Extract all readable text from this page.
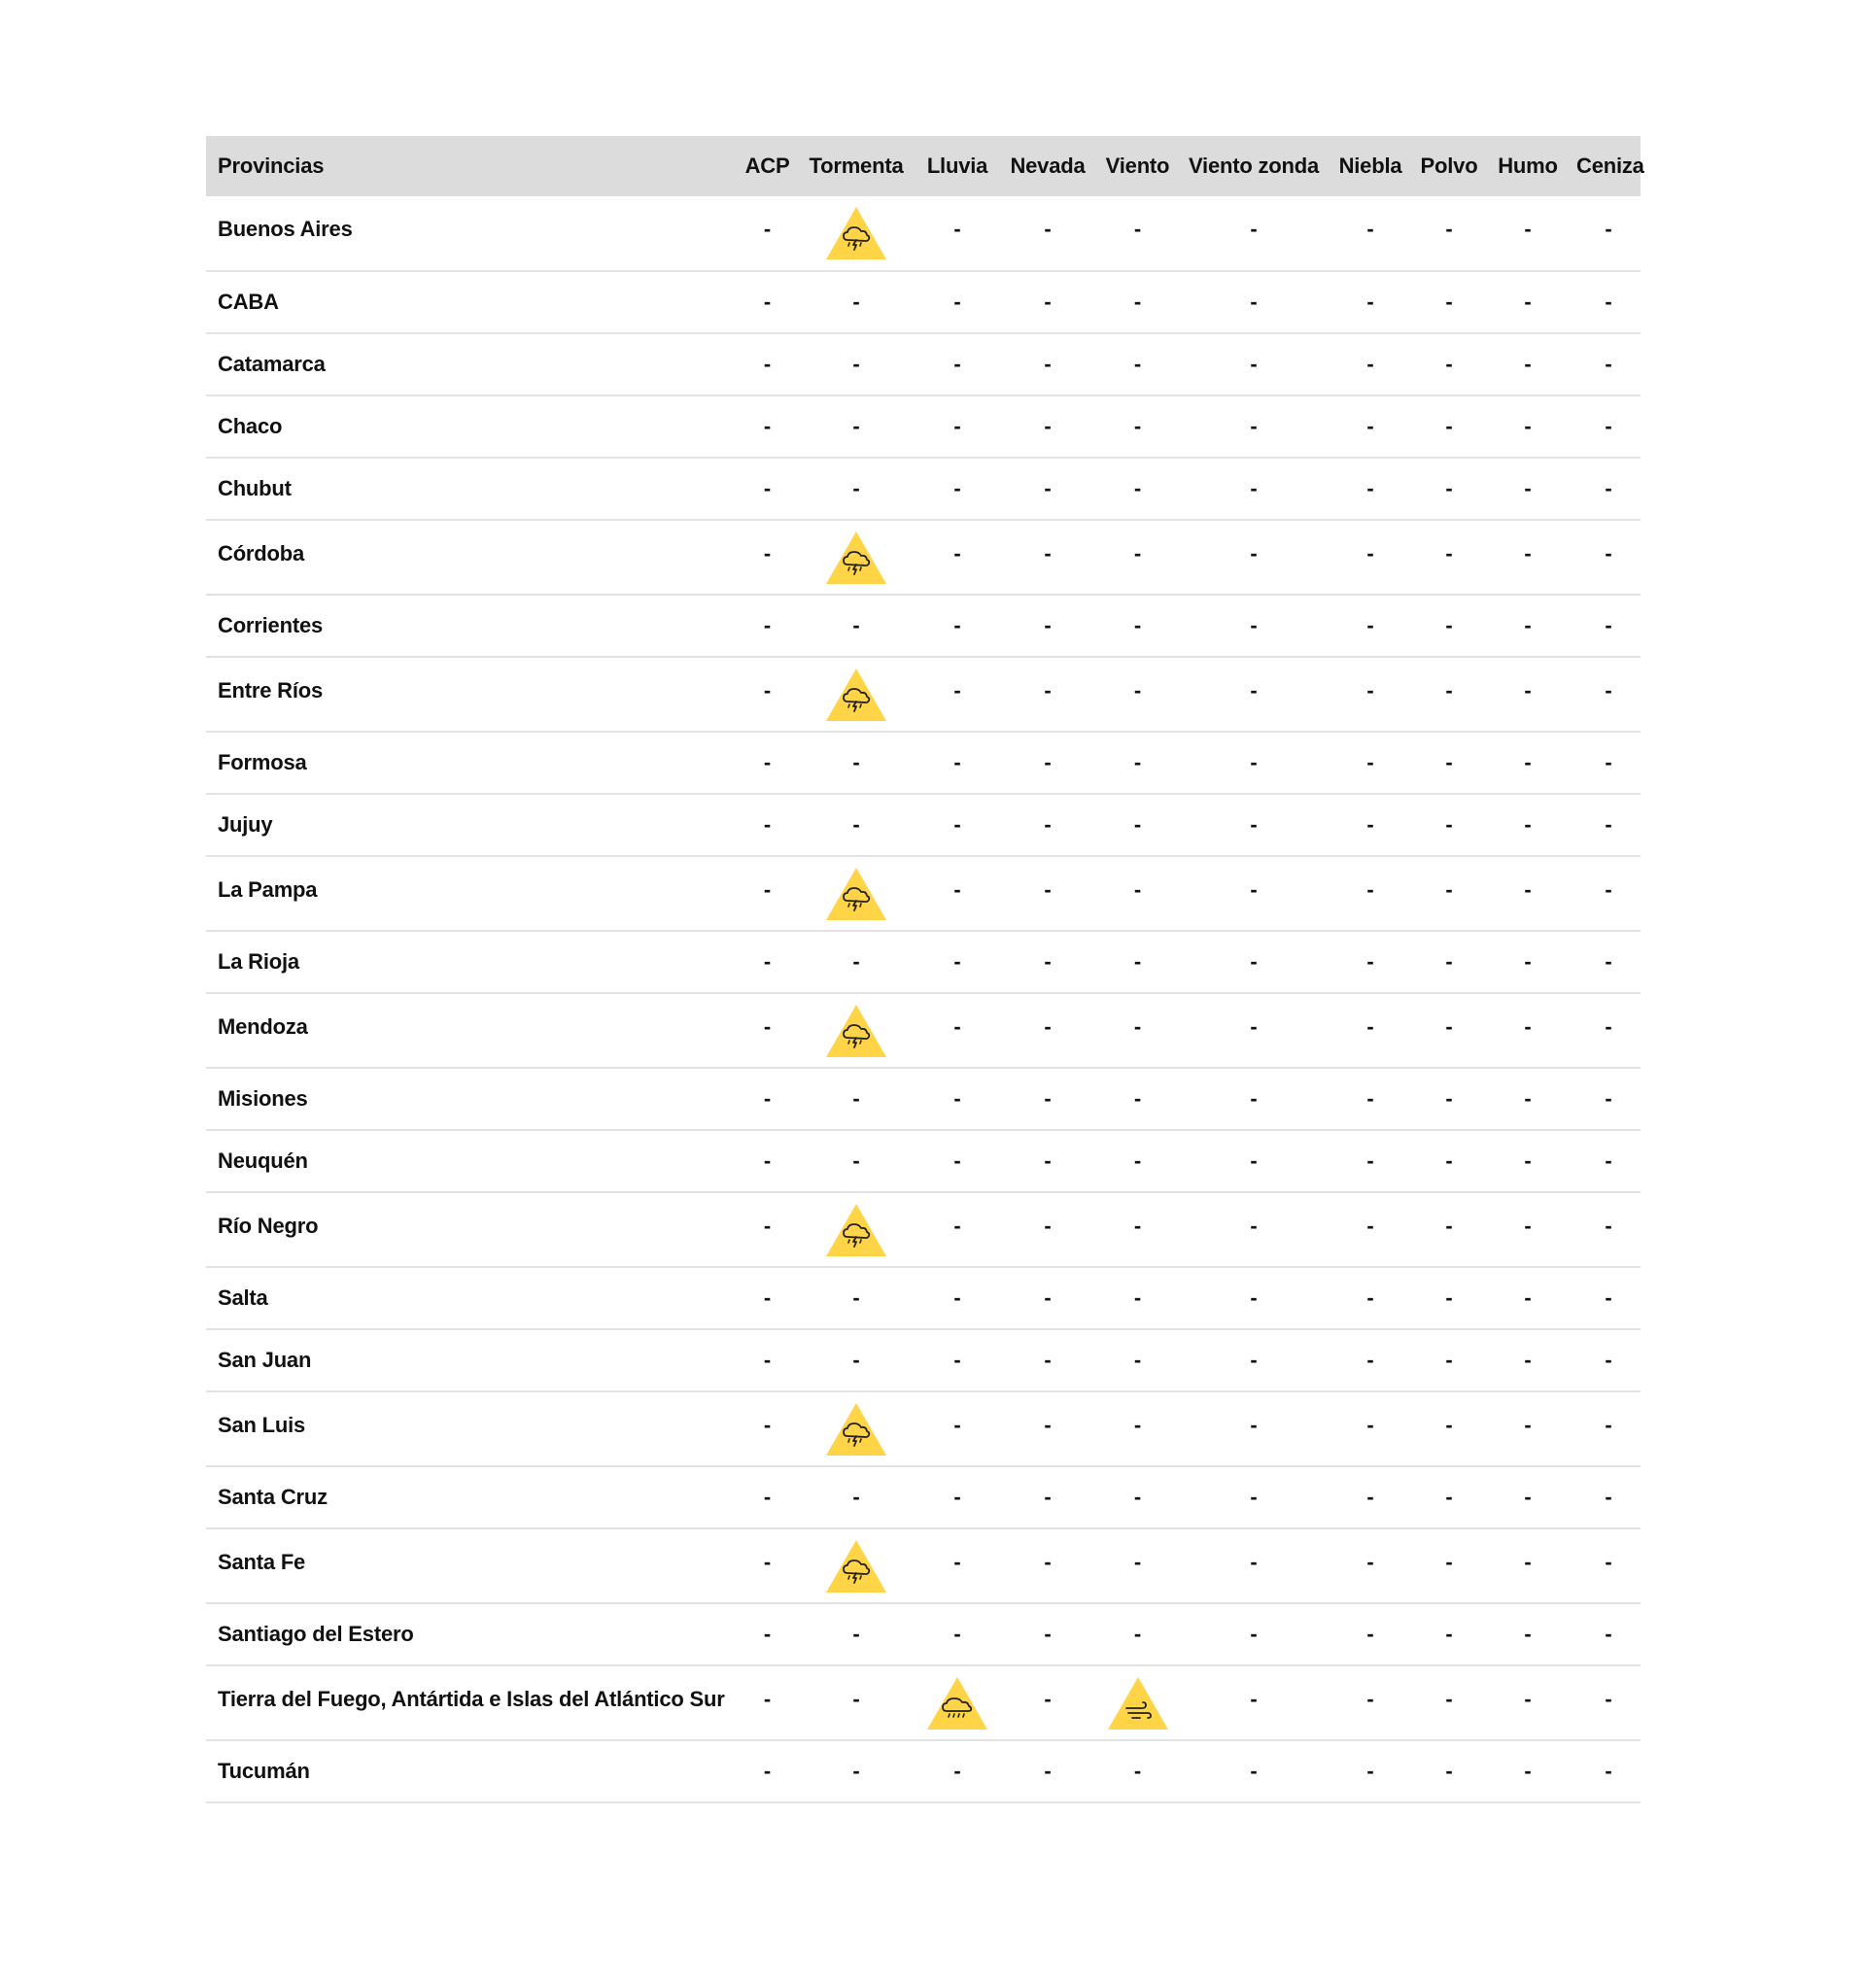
Provincias	ACP	Tormenta	Lluvia	Nevada	Viento	Viento zonda	Niebla	Polvo	Humo	Ceniza
Buenos Aires	-		-	-	-	-	-	-	-	-
CABA	-	-	-	-	-	-	-	-	-	-
Catamarca	-	-	-	-	-	-	-	-	-	-
Chaco	-	-	-	-	-	-	-	-	-	-
Chubut	-	-	-	-	-	-	-	-	-	-
Córdoba	-		-	-	-	-	-	-	-	-
Corrientes	-	-	-	-	-	-	-	-	-	-
Entre Ríos	-		-	-	-	-	-	-	-	-
Formosa	-	-	-	-	-	-	-	-	-	-
Jujuy	-	-	-	-	-	-	-	-	-	-
La Pampa	-		-	-	-	-	-	-	-	-
La Rioja	-	-	-	-	-	-	-	-	-	-
Mendoza	-		-	-	-	-	-	-	-	-
Misiones	-	-	-	-	-	-	-	-	-	-
Neuquén	-	-	-	-	-	-	-	-	-	-
Río Negro	-		-	-	-	-	-	-	-	-
Salta	-	-	-	-	-	-	-	-	-	-
San Juan	-	-	-	-	-	-	-	-	-	-
San Luis	-		-	-	-	-	-	-	-	-
Santa Cruz	-	-	-	-	-	-	-	-	-	-
Santa Fe	-		-	-	-	-	-	-	-	-
Santiago del Estero	-	-	-	-	-	-	-	-	-	-
Tierra del Fuego, Antártida e Islas del Atlántico Sur	-	-		-		-	-	-	-	-
Tucumán	-	-	-	-	-	-	-	-	-	-
